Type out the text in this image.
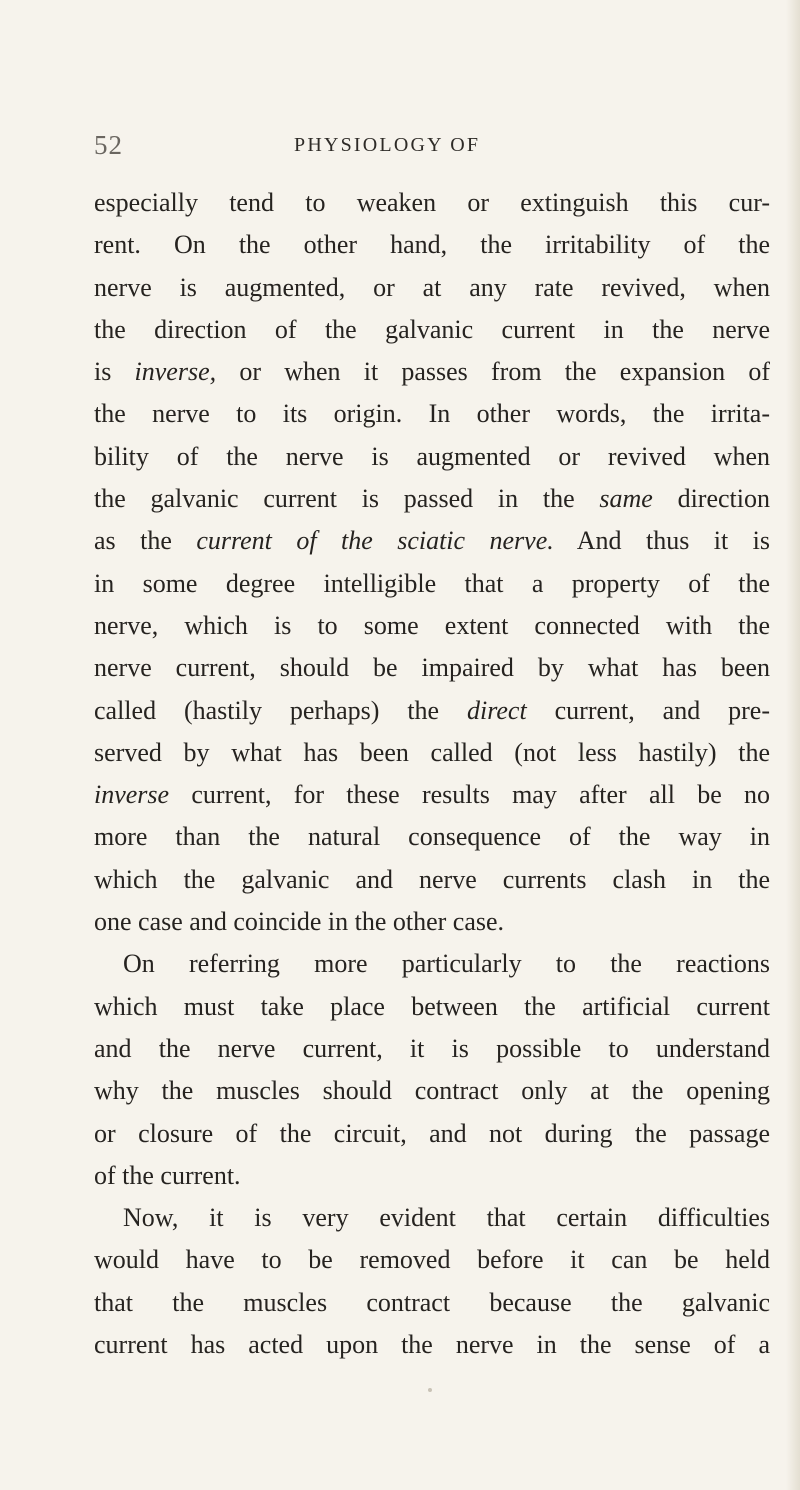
52	PHYSIOLOGY OF
especially tend to weaken or extinguish this cur-
rent. On the other hand, the irritability of the
nerve is augmented, or at any rate revived, when
the direction of the galvanic current in the nerve
is inverse, or when it passes from the expansion of
the nerve to its origin. In other words, the irrita-
bility of the nerve is augmented or revived when
the galvanic current is passed in the same direction
as the current of the sciatic nerve. And thus it is
in some degree intelligible that a property of the
nerve, which is to some extent connected with the
nerve current, should be impaired by what has been
called (hastily perhaps) the direct current, and pre-
served by what has been called (not less hastily) the
inverse current, for these results may after all be no
more than the natural consequence of the way in
which the galvanic and nerve currents clash in the
one case and coincide in the other case.
On referring more particularly to the reactions
which must take place between the artificial current
and the nerve current, it is possible to understand
why the muscles should contract only at the opening
or closure of the circuit, and not during the passage
of the current.
Now, it is very evident that certain difficulties
would have to be removed before it can be held
that the muscles contract because the galvanic
current has acted upon the nerve in the sense of a
